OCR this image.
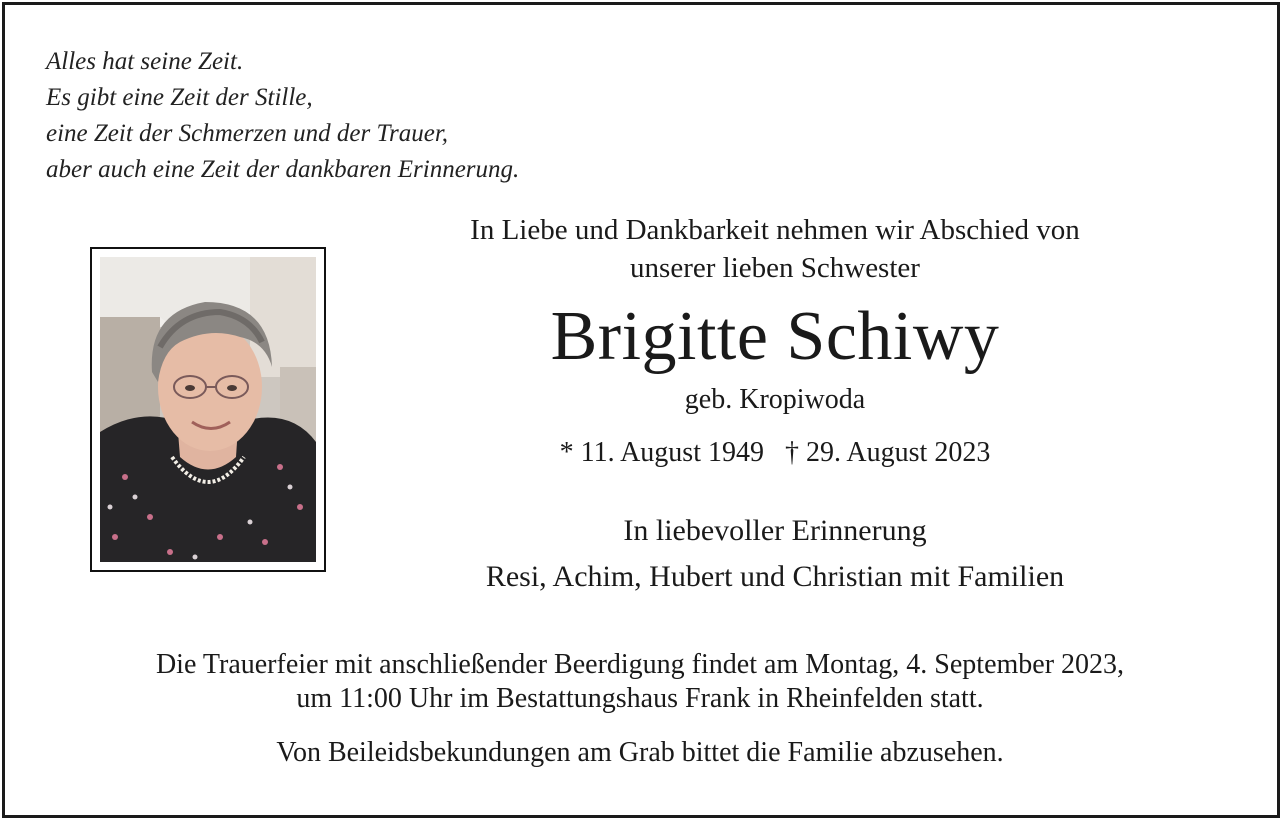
Alles hat seine Zeit.
Es gibt eine Zeit der Stille,
eine Zeit der Schmerzen und der Trauer,
aber auch eine Zeit der dankbaren Erinnerung.
In Liebe und Dankbarkeit nehmen wir Abschied von
unserer lieben Schwester
Brigitte Schiwy
geb. Kropiwoda
* 11. August 1949   † 29. August 2023
In liebevoller Erinnerung
Resi, Achim, Hubert und Christian mit Familien
Die Trauerfeier mit anschließender Beerdigung findet am Montag, 4. September 2023,
um 11:00 Uhr im Bestattungshaus Frank in Rheinfelden statt.
Von Beileidsbekundungen am Grab bittet die Familie abzusehen.
